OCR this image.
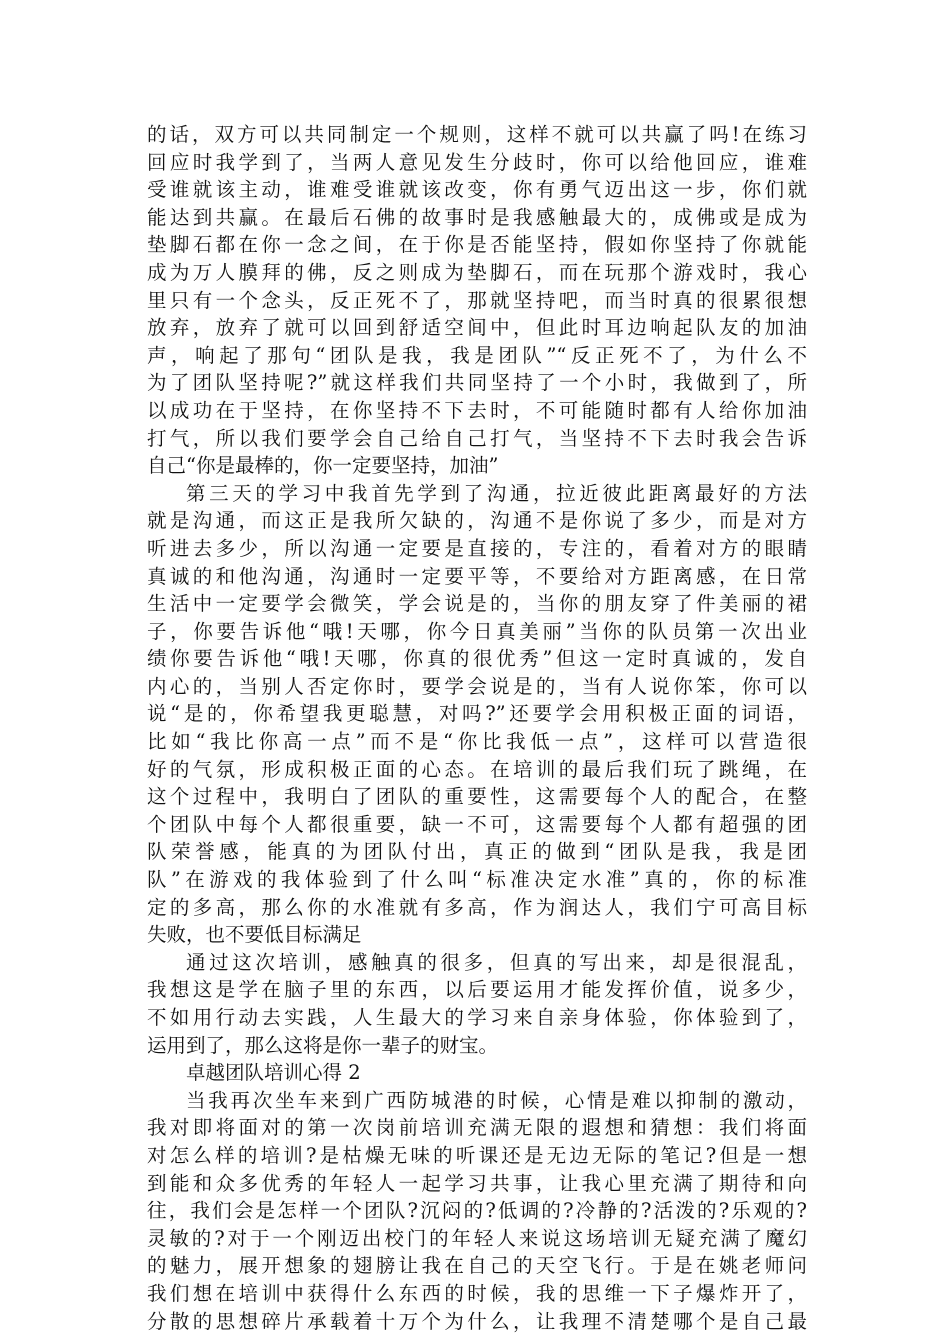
的话，双方可以共同制定一个规则，这样不就可以共赢了吗!在练习
回应时我学到了，当两人意见发生分歧时，你可以给他回应，谁难
受谁就该主动，谁难受谁就该改变，你有勇气迈出这一步，你们就
能达到共赢。在最后石佛的故事时是我感触最大的，成佛或是成为
垫脚石都在你一念之间，在于你是否能坚持，假如你坚持了你就能
成为万人膜拜的佛，反之则成为垫脚石，而在玩那个游戏时，我心
里只有一个念头，反正死不了，那就坚持吧，而当时真的很累很想
放弃，放弃了就可以回到舒适空间中，但此时耳边响起队友的加油
声，响起了那句“团队是我，我是团队”“反正死不了，为什么不
为了团队坚持呢?”就这样我们共同坚持了一个小时，我做到了，所
以成功在于坚持，在你坚持不下去时，不可能随时都有人给你加油
打气，所以我们要学会自己给自己打气，当坚持不下去时我会告诉
自己“你是最棒的，你一定要坚持，加油”
第三天的学习中我首先学到了沟通，拉近彼此距离最好的方法
就是沟通，而这正是我所欠缺的，沟通不是你说了多少，而是对方
听进去多少，所以沟通一定要是直接的，专注的，看着对方的眼睛
真诚的和他沟通，沟通时一定要平等，不要给对方距离感，在日常
生活中一定要学会微笑，学会说是的，当你的朋友穿了件美丽的裙
子，你要告诉他“哦!天哪，你今日真美丽”当你的队员第一次出业
绩你要告诉他“哦!天哪，你真的很优秀”但这一定时真诚的，发自
内心的，当别人否定你时，要学会说是的，当有人说你笨，你可以
说“是的，你希望我更聪慧，对吗?”还要学会用积极正面的词语，
比如“我比你高一点”而不是“你比我低一点”，这样可以营造很
好的气氛，形成积极正面的心态。在培训的最后我们玩了跳绳，在
这个过程中，我明白了团队的重要性，这需要每个人的配合，在整
个团队中每个人都很重要，缺一不可，这需要每个人都有超强的团
队荣誉感，能真的为团队付出，真正的做到“团队是我，我是团
队”在游戏的我体验到了什么叫“标准决定水准”真的，你的标准
定的多高，那么你的水准就有多高，作为润达人，我们宁可高目标
失败，也不要低目标满足
通过这次培训，感触真的很多，但真的写出来，却是很混乱，
我想这是学在脑子里的东西，以后要运用才能发挥价值，说多少，
不如用行动去实践，人生最大的学习来自亲身体验，你体验到了，
运用到了，那么这将是你一辈子的财宝。
卓越团队培训心得 2
当我再次坐车来到广西防城港的时候，心情是难以抑制的激动，
我对即将面对的第一次岗前培训充满无限的遐想和猜想：我们将面
对怎么样的培训?是枯燥无味的听课还是无边无际的笔记?但是一想
到能和众多优秀的年轻人一起学习共事，让我心里充满了期待和向
往，我们会是怎样一个团队?沉闷的?低调的?冷静的?活泼的?乐观的?
灵敏的?对于一个刚迈出校门的年轻人来说这场培训无疑充满了魔幻
的魅力，展开想象的翅膀让我在自己的天空飞行。于是在姚老师问
我们想在培训中获得什么东西的时候，我的思维一下子爆炸开了，
分散的思想碎片承载着十万个为什么，让我理不清楚哪个是自己最
